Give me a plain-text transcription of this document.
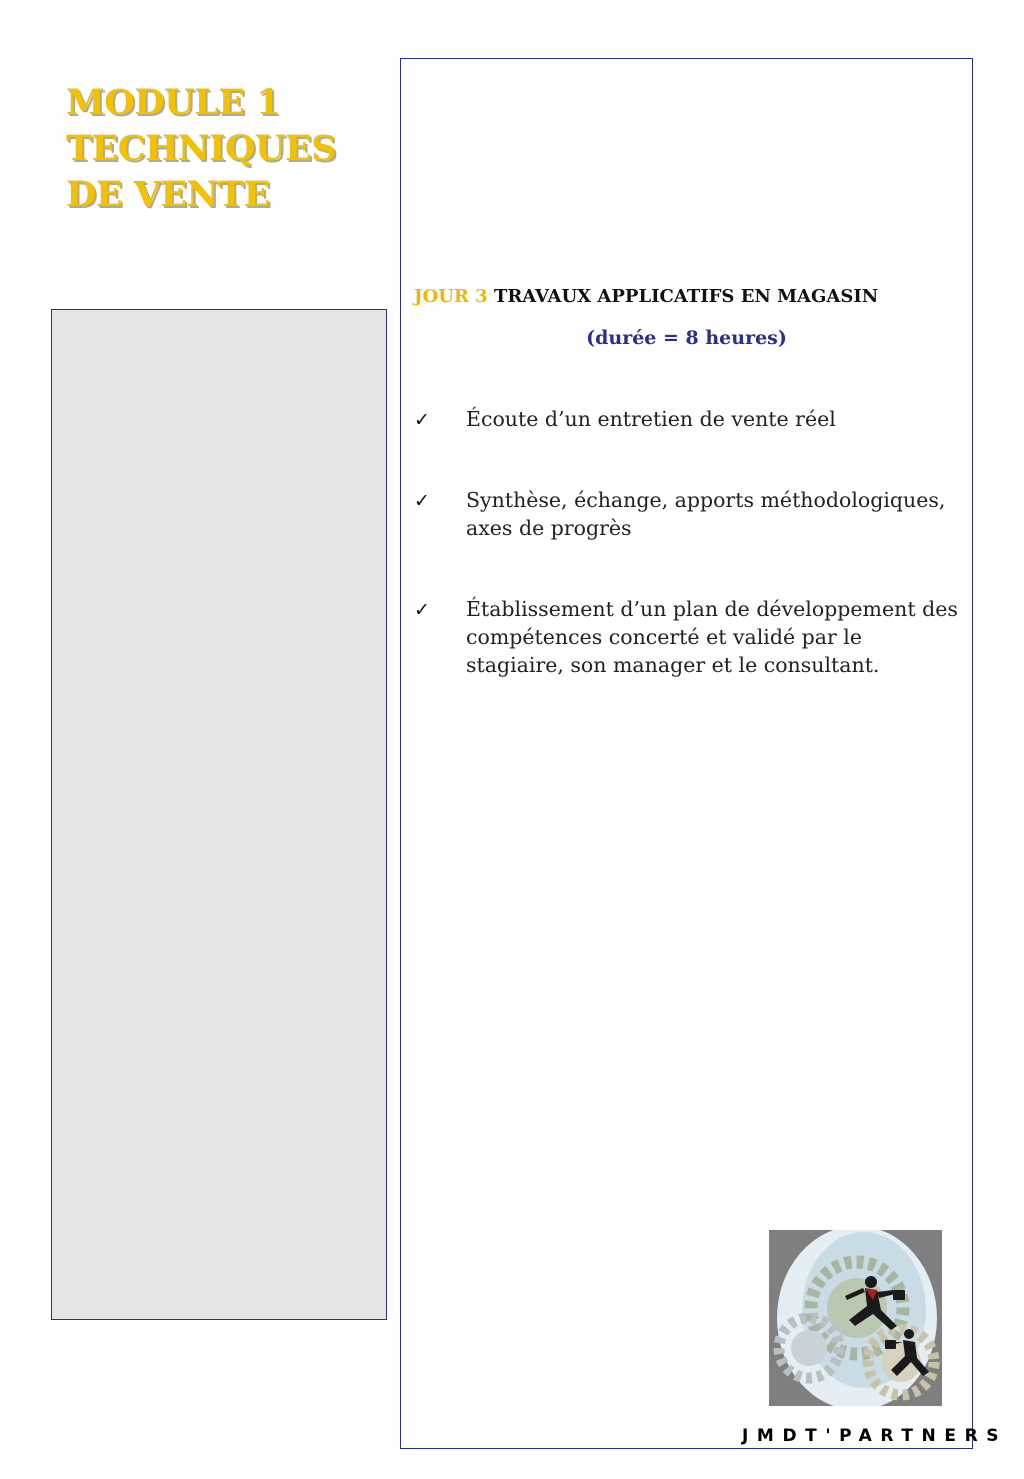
MODULE 1
TECHNIQUES
DE VENTE

JOUR 3 TRAVAUX APPLICATIFS EN MAGASIN

(durée = 8 heures)

✓ Écoute d’un entretien de vente réel
✓ Synthèse, échange, apports méthodologiques, axes de progrès
✓ Établissement d’un plan de développement des compétences concerté et validé par le stagiaire, son manager et le consultant.

JMDT'PARTNERS
